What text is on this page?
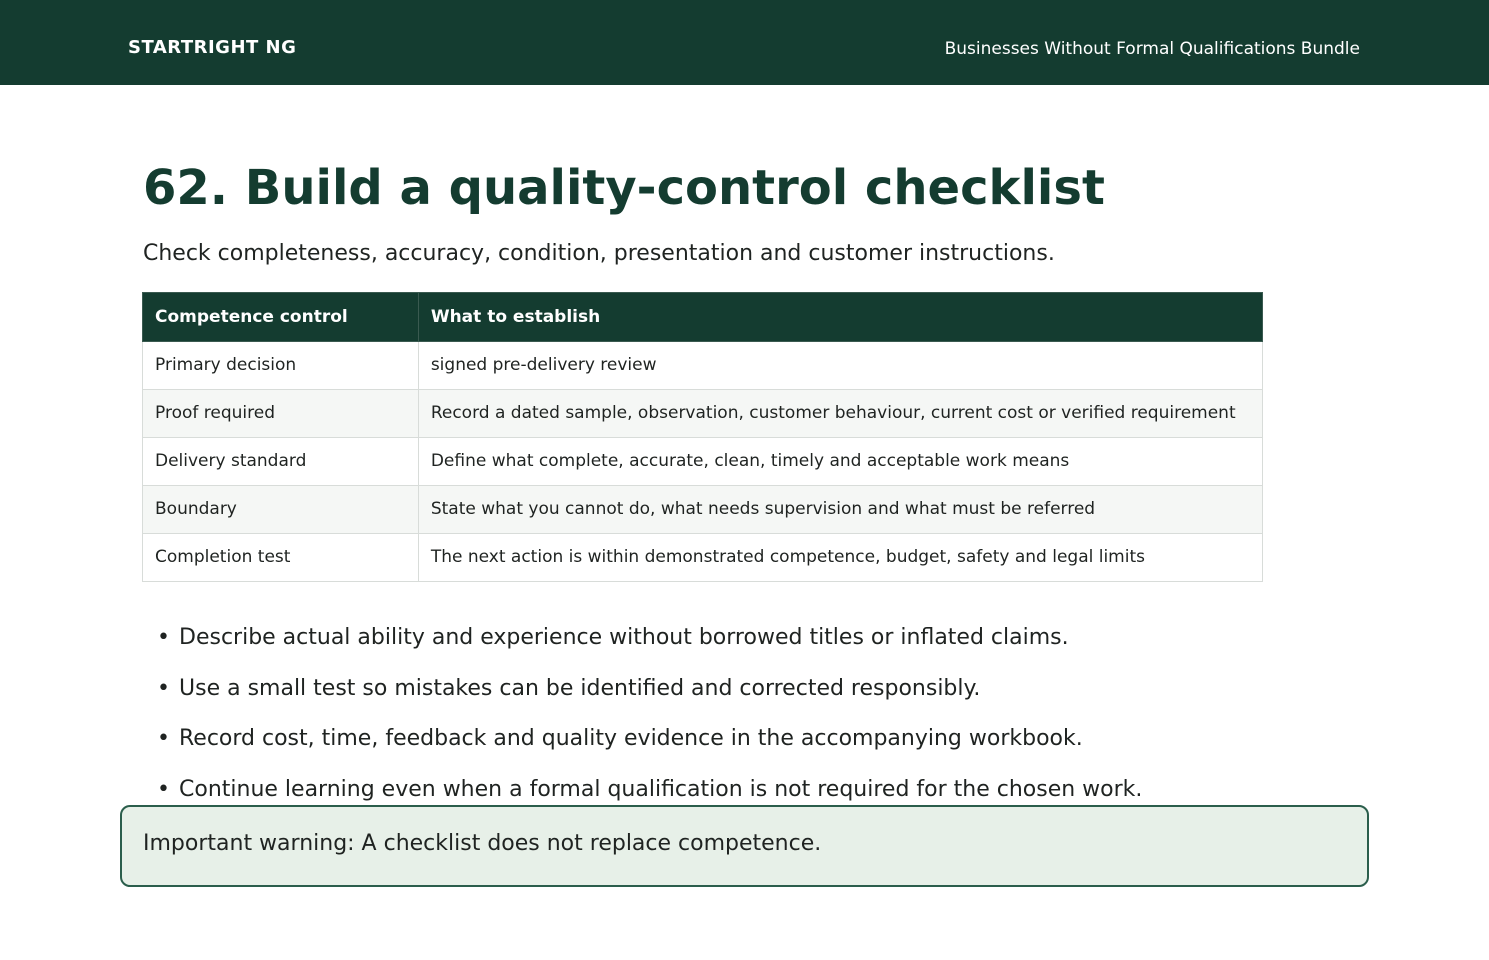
STARTRIGHT NG	Businesses Without Formal Qualifications Bundle
62. Build a quality-control checklist

Check completeness, accuracy, condition, presentation and customer instructions.

Competence control	What to establish
Primary decision	signed pre-delivery review
Proof required	Record a dated sample, observation, customer behaviour, current cost or verified requirement
Delivery standard	Define what complete, accurate, clean, timely and acceptable work means
Boundary	State what you cannot do, what needs supervision and what must be referred
Completion test	The next action is within demonstrated competence, budget, safety and legal limits
• Describe actual ability and experience without borrowed titles or inflated claims.
• Use a small test so mistakes can be identified and corrected responsibly.
• Record cost, time, feedback and quality evidence in the accompanying workbook.
• Continue learning even when a formal qualification is not required for the chosen work.
Important warning: A checklist does not replace competence.
